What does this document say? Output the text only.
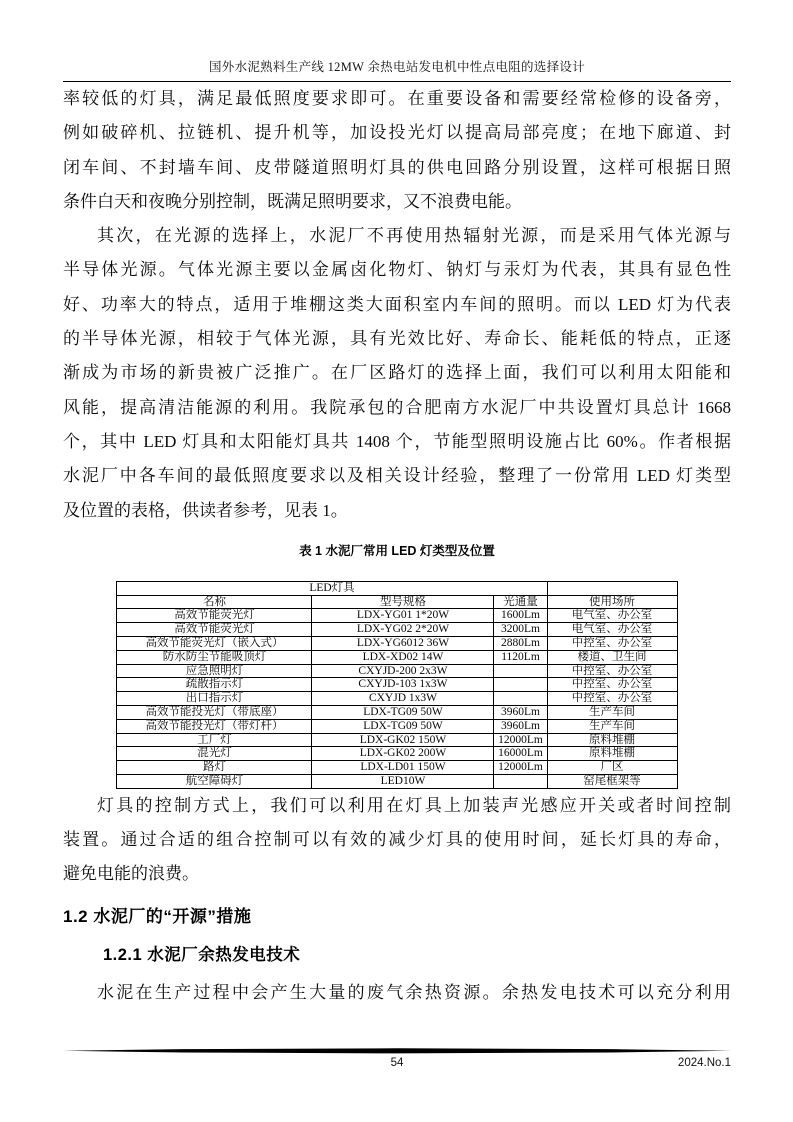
国外水泥熟料生产线 12MW 余热电站发电机中性点电阻的选择设计
率较低的灯具，满足最低照度要求即可。在重要设备和需要经常检修的设备旁，
例如破碎机、拉链机、提升机等，加设投光灯以提高局部亮度；在地下廊道、封
闭车间、不封墙车间、皮带隧道照明灯具的供电回路分别设置，这样可根据日照
条件白天和夜晚分别控制，既满足照明要求，又不浪费电能。
其次，在光源的选择上，水泥厂不再使用热辐射光源，而是采用气体光源与
半导体光源。气体光源主要以金属卤化物灯、钠灯与汞灯为代表，其具有显色性
好、功率大的特点，适用于堆棚这类大面积室内车间的照明。而以 LED 灯为代表
的半导体光源，相较于气体光源，具有光效比好、寿命长、能耗低的特点，正逐
渐成为市场的新贵被广泛推广。在厂区路灯的选择上面，我们可以利用太阳能和
风能，提高清洁能源的利用。我院承包的合肥南方水泥厂中共设置灯具总计 1668
个，其中 LED 灯具和太阳能灯具共 1408 个，节能型照明设施占比 60%。作者根据
水泥厂中各车间的最低照度要求以及相关设计经验，整理了一份常用 LED 灯类型
及位置的表格，供读者参考，见表 1。
表 1 水泥厂常用 LED 灯类型及位置
LED灯具			
名称	型号规格	光通量	使用场所
高效节能荧光灯	LDX-YG01 1*20W	1600Lm	电气室、办公室
高效节能荧光灯	LDX-YG02 2*20W	3200Lm	电气室、办公室
高效节能荧光灯（嵌入式）	LDX-YG6012 36W	2880Lm	中控室、办公室
防水防尘节能吸顶灯	LDX-XD02 14W	1120Lm	楼道、卫生间
应急照明灯	CXYJD-200 2x3W		中控室、办公室
疏散指示灯	CXYJD-103 1x3W		中控室、办公室
出口指示灯	CXYJD 1x3W		中控室、办公室
高效节能投光灯（带底座）	LDX-TG09 50W	3960Lm	生产车间
高效节能投光灯（带灯杆）	LDX-TG09 50W	3960Lm	生产车间
工厂灯	LDX-GK02 150W	12000Lm	原料堆棚
混光灯	LDX-GK02 200W	16000Lm	原料堆棚
路灯	LDX-LD01 150W	12000Lm	厂区
航空障碍灯	LED10W		窑尾框架等
灯具的控制方式上，我们可以利用在灯具上加装声光感应开关或者时间控制
装置。通过合适的组合控制可以有效的减少灯具的使用时间，延长灯具的寿命，
避免电能的浪费。
1.2 水泥厂的“开源”措施
1.2.1 水泥厂余热发电技术
水泥在生产过程中会产生大量的废气余热资源。余热发电技术可以充分利用
54	2024.No.1
